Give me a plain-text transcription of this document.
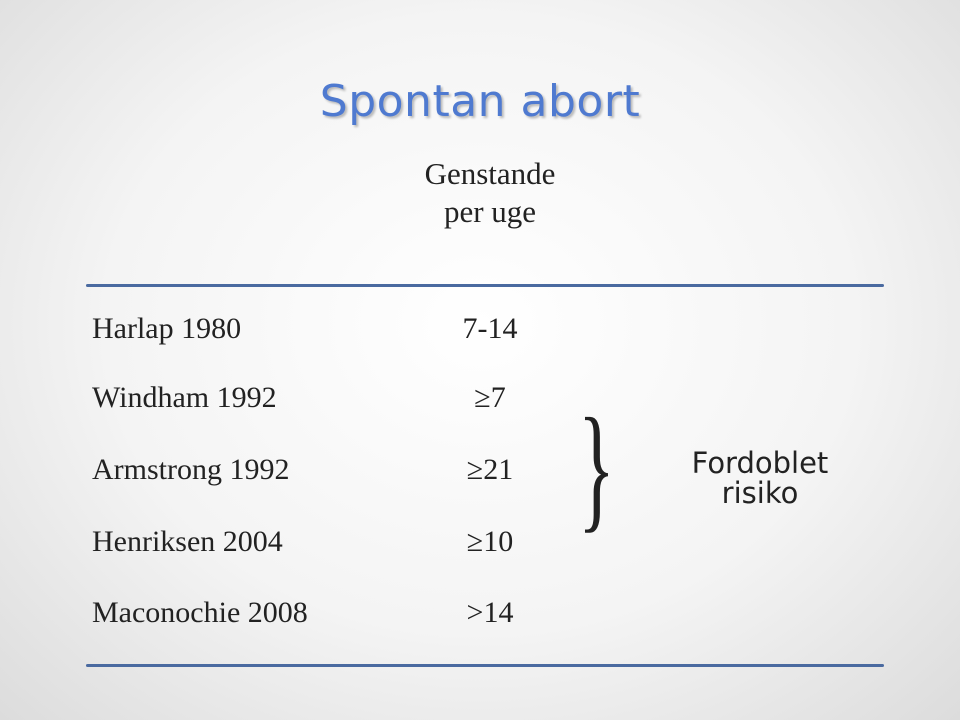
Spontan abort
Genstande
per uge
Harlap 1980	7-14
Windham 1992	≥7
Armstrong 1992	≥21
Henriksen 2004	≥10
Maconochie 2008	>14
}	Fordoblet
risiko
